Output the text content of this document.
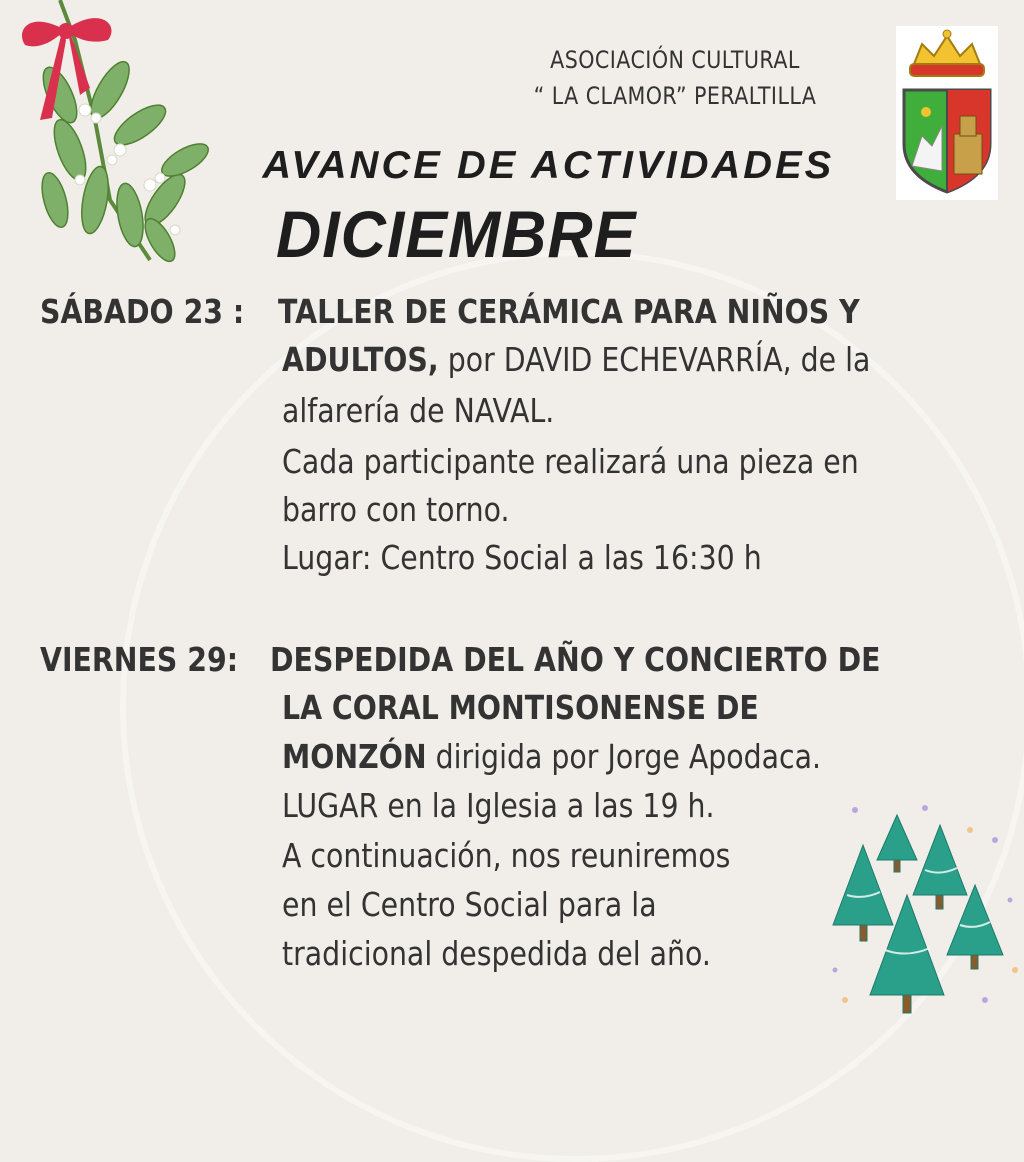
ASOCIACIÓN CULTURAL
“ LA CLAMOR” PERALTILLA
AVANCE DE ACTIVIDADES
DICIEMBRE
SÁBADO 23 : TALLER DE CERÁMICA PARA NIÑOS Y
ADULTOS, por DAVID ECHEVARRÍA, de la
alfarería de NAVAL.
Cada participante realizará una pieza en
barro con torno.
Lugar: Centro Social a las 16:30 h
VIERNES 29: DESPEDIDA DEL AÑO Y CONCIERTO DE
LA CORAL MONTISONENSE DE
MONZÓN dirigida por Jorge Apodaca.
LUGAR en la Iglesia a las 19 h.
A continuación, nos reuniremos
en el Centro Social para la
tradicional despedida del año.
